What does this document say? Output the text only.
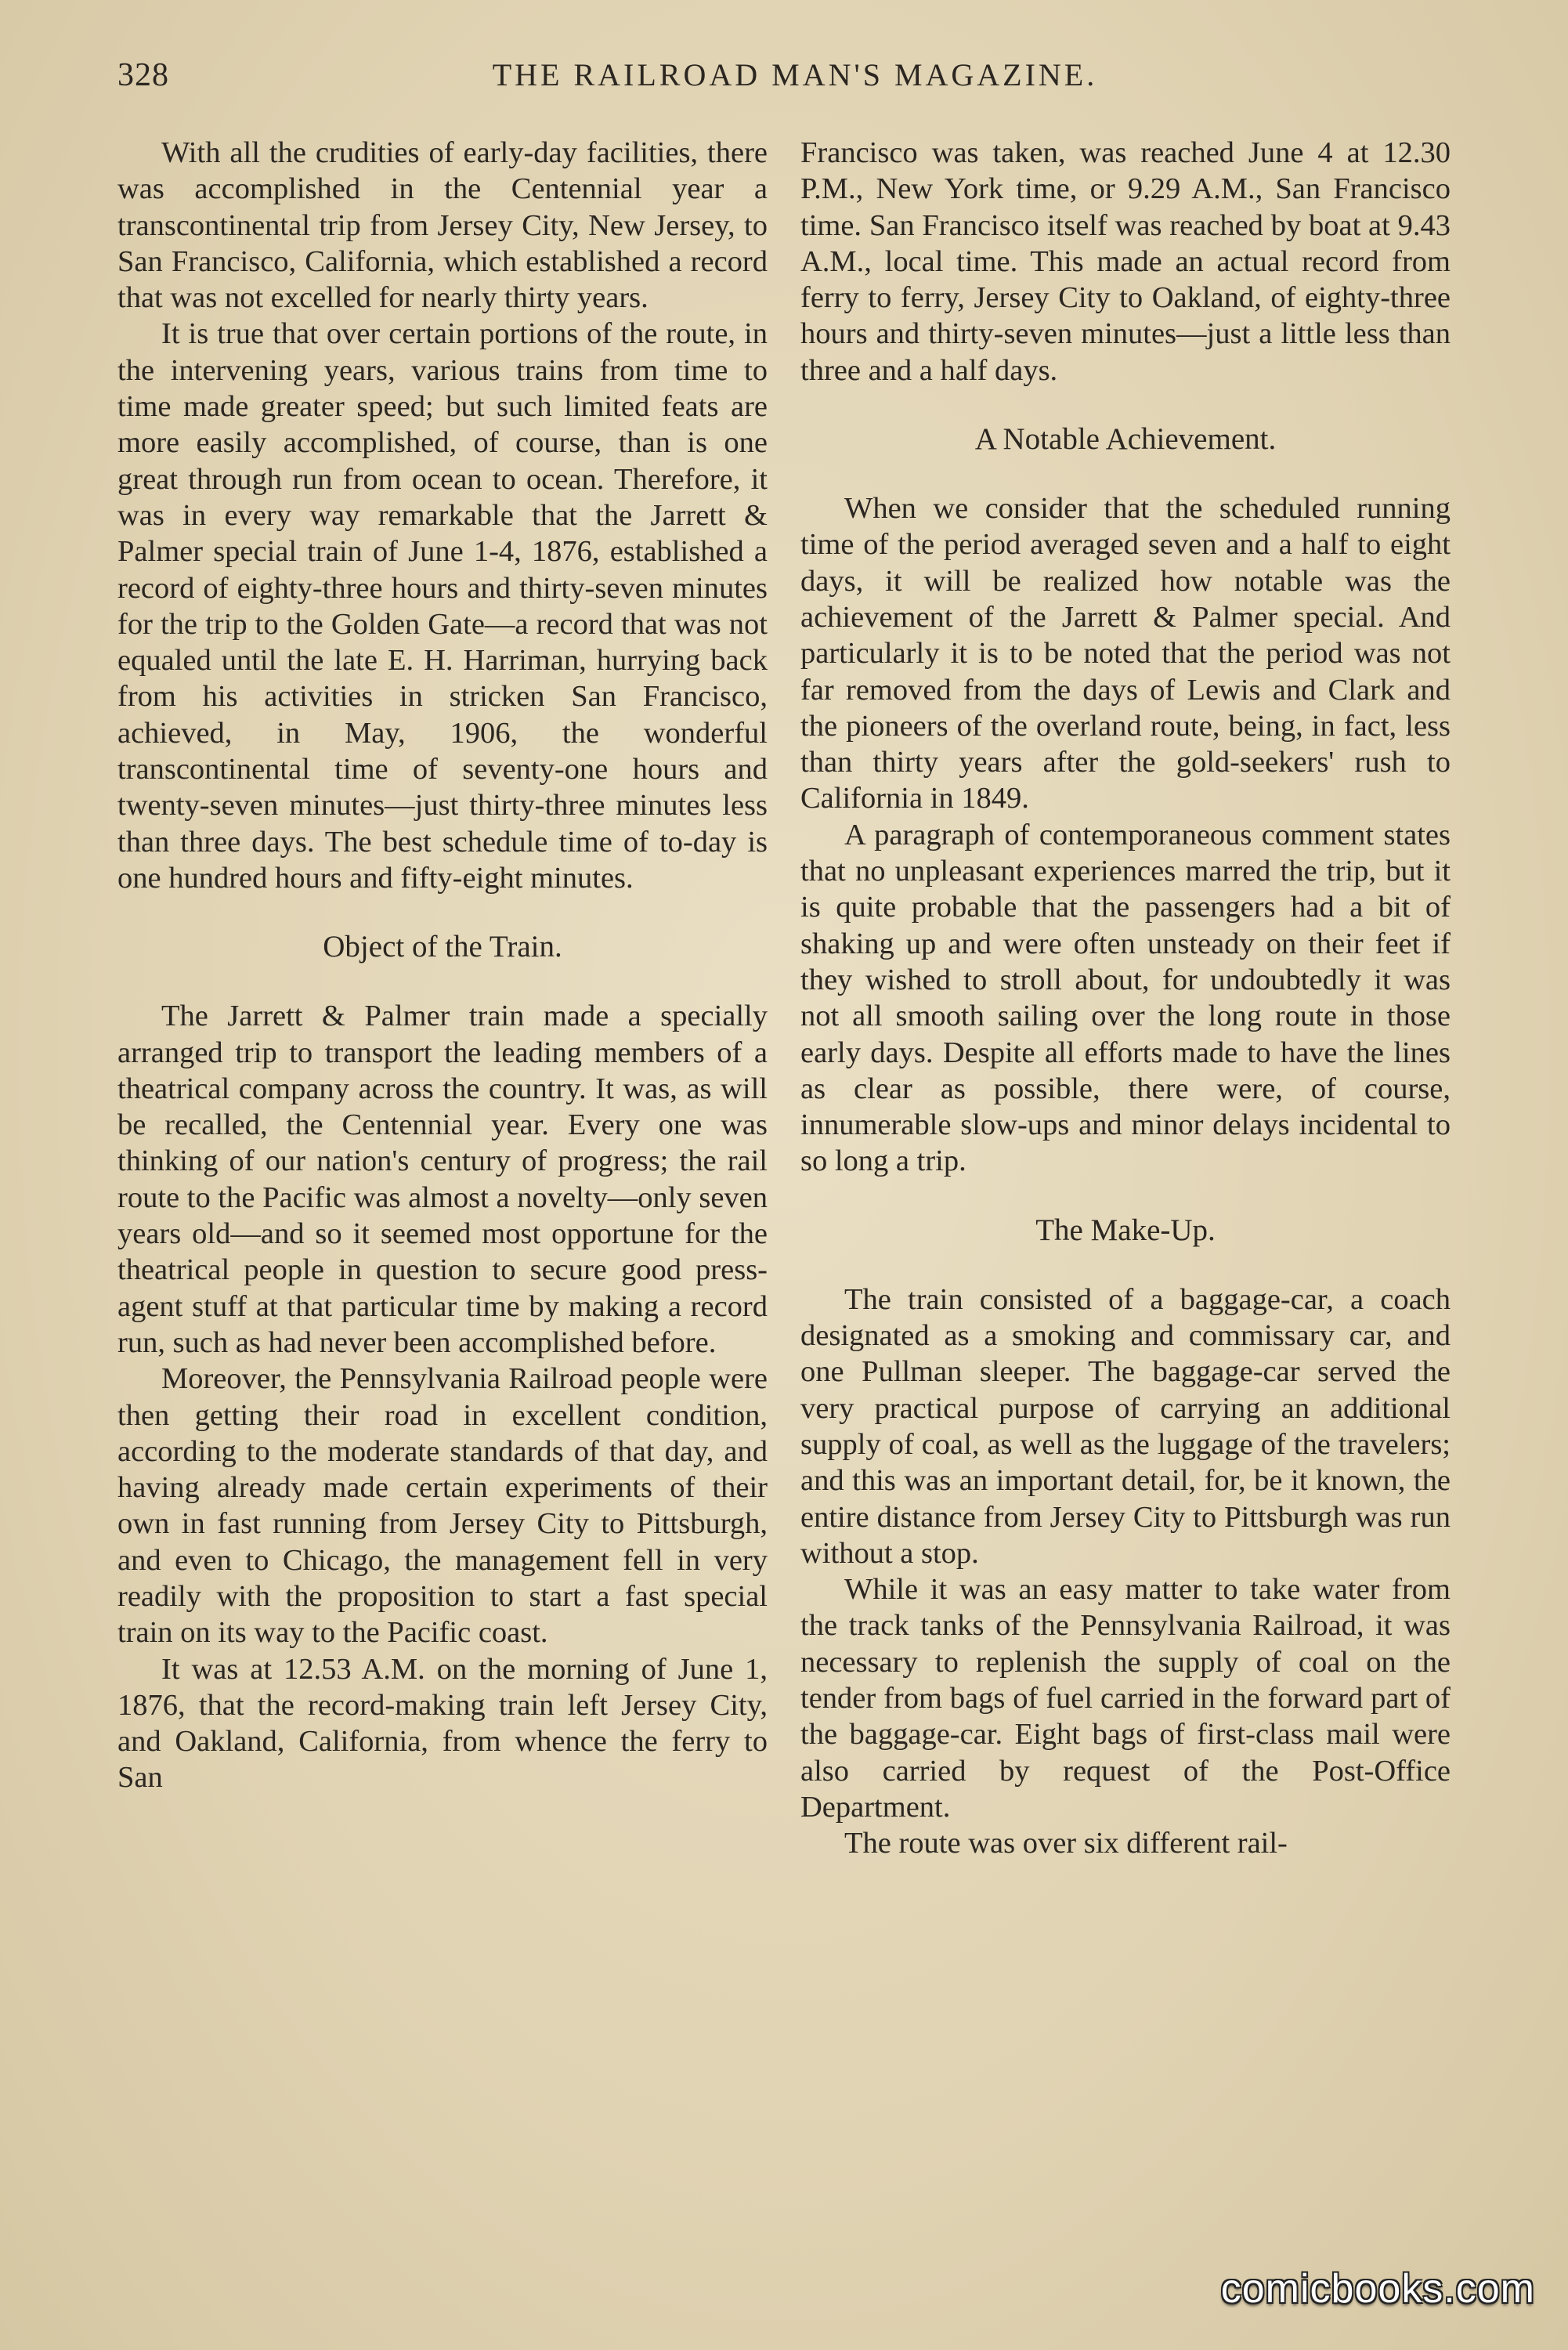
328	THE RAILROAD MAN'S MAGAZINE.

With all the crudities of early-day facilities, there was accomplished in the Centennial year a transcontinental trip from Jersey City, New Jersey, to San Francisco, California, which established a record that was not excelled for nearly thirty years.

It is true that over certain portions of the route, in the intervening years, various trains from time to time made greater speed; but such limited feats are more easily accomplished, of course, than is one great through run from ocean to ocean. Therefore, it was in every way remarkable that the Jarrett & Palmer special train of June 1-4, 1876, established a record of eighty-three hours and thirty-seven minutes for the trip to the Golden Gate—a record that was not equaled until the late E. H. Harriman, hurrying back from his activities in stricken San Francisco, achieved, in May, 1906, the wonderful transcontinental time of seventy-one hours and twenty-seven minutes—just thirty-three minutes less than three days. The best schedule time of to-day is one hundred hours and fifty-eight minutes.

Object of the Train.

The Jarrett & Palmer train made a specially arranged trip to transport the leading members of a theatrical company across the country. It was, as will be recalled, the Centennial year. Every one was thinking of our nation's century of progress; the rail route to the Pacific was almost a novelty—only seven years old—and so it seemed most opportune for the theatrical people in question to secure good press-agent stuff at that particular time by making a record run, such as had never been accomplished before.

Moreover, the Pennsylvania Railroad people were then getting their road in excellent condition, according to the moderate standards of that day, and having already made certain experiments of their own in fast running from Jersey City to Pittsburgh, and even to Chicago, the management fell in very readily with the proposition to start a fast special train on its way to the Pacific coast.

It was at 12.53 A.M. on the morning of June 1, 1876, that the record-making train left Jersey City, and Oakland, California, from whence the ferry to San

Francisco was taken, was reached June 4 at 12.30 P.M., New York time, or 9.29 A.M., San Francisco time. San Francisco itself was reached by boat at 9.43 A.M., local time. This made an actual record from ferry to ferry, Jersey City to Oakland, of eighty-three hours and thirty-seven minutes—just a little less than three and a half days.

A Notable Achievement.

When we consider that the scheduled running time of the period averaged seven and a half to eight days, it will be realized how notable was the achievement of the Jarrett & Palmer special. And particularly it is to be noted that the period was not far removed from the days of Lewis and Clark and the pioneers of the overland route, being, in fact, less than thirty years after the gold-seekers' rush to California in 1849.

A paragraph of contemporaneous comment states that no unpleasant experiences marred the trip, but it is quite probable that the passengers had a bit of shaking up and were often unsteady on their feet if they wished to stroll about, for undoubtedly it was not all smooth sailing over the long route in those early days. Despite all efforts made to have the lines as clear as possible, there were, of course, innumerable slow-ups and minor delays incidental to so long a trip.

The Make-Up.

The train consisted of a baggage-car, a coach designated as a smoking and commissary car, and one Pullman sleeper. The baggage-car served the very practical purpose of carrying an additional supply of coal, as well as the luggage of the travelers; and this was an important detail, for, be it known, the entire distance from Jersey City to Pittsburgh was run without a stop.

While it was an easy matter to take water from the track tanks of the Pennsylvania Railroad, it was necessary to replenish the supply of coal on the tender from bags of fuel carried in the forward part of the baggage-car. Eight bags of first-class mail were also carried by request of the Post-Office Department.

The route was over six different rail-

comicbooks.com
